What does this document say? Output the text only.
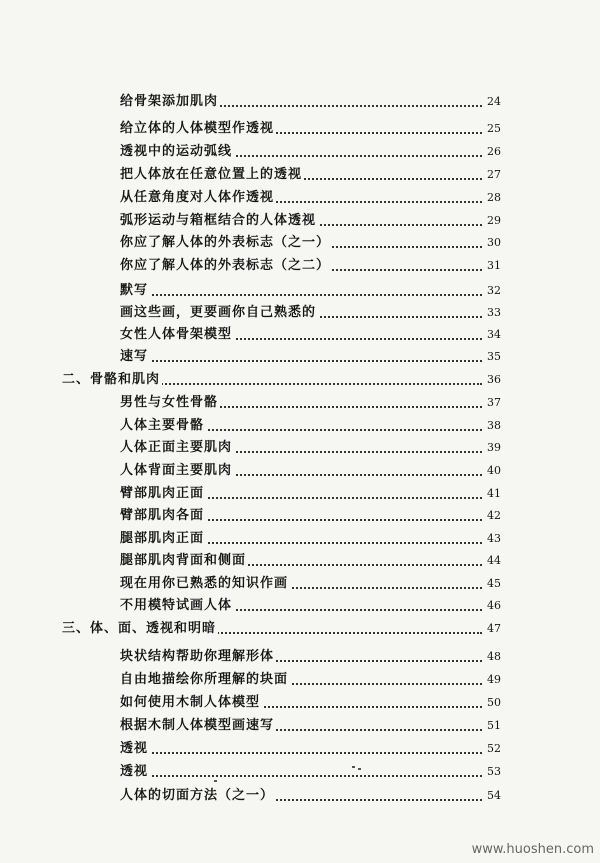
给骨架添加肌肉	24
给立体的人体模型作透视	25
透视中的运动弧线	26
把人体放在任意位置上的透视	27
从任意角度对人体作透视	28
弧形运动与箱框结合的人体透视	29
你应了解人体的外表标志（之一）	30
你应了解人体的外表标志（之二）	31
默写	32
画这些画，更要画你自己熟悉的	33
女性人体骨架模型	34
速写	35
二、骨骼和肌肉	36
男性与女性骨骼	37
人体主要骨骼	38
人体正面主要肌肉	39
人体背面主要肌肉	40
臂部肌肉正面	41
臂部肌肉各面	42
腿部肌肉正面	43
腿部肌肉背面和侧面	44
现在用你已熟悉的知识作画	45
不用模特试画人体	46
三、体、面、透视和明暗	47
块状结构帮助你理解形体	48
自由地描绘你所理解的块面	49
如何使用木制人体模型	50
根据木制人体模型画速写	51
透视	52
透视	53
人体的切面方法（之一）	54
www.huoshen.com
